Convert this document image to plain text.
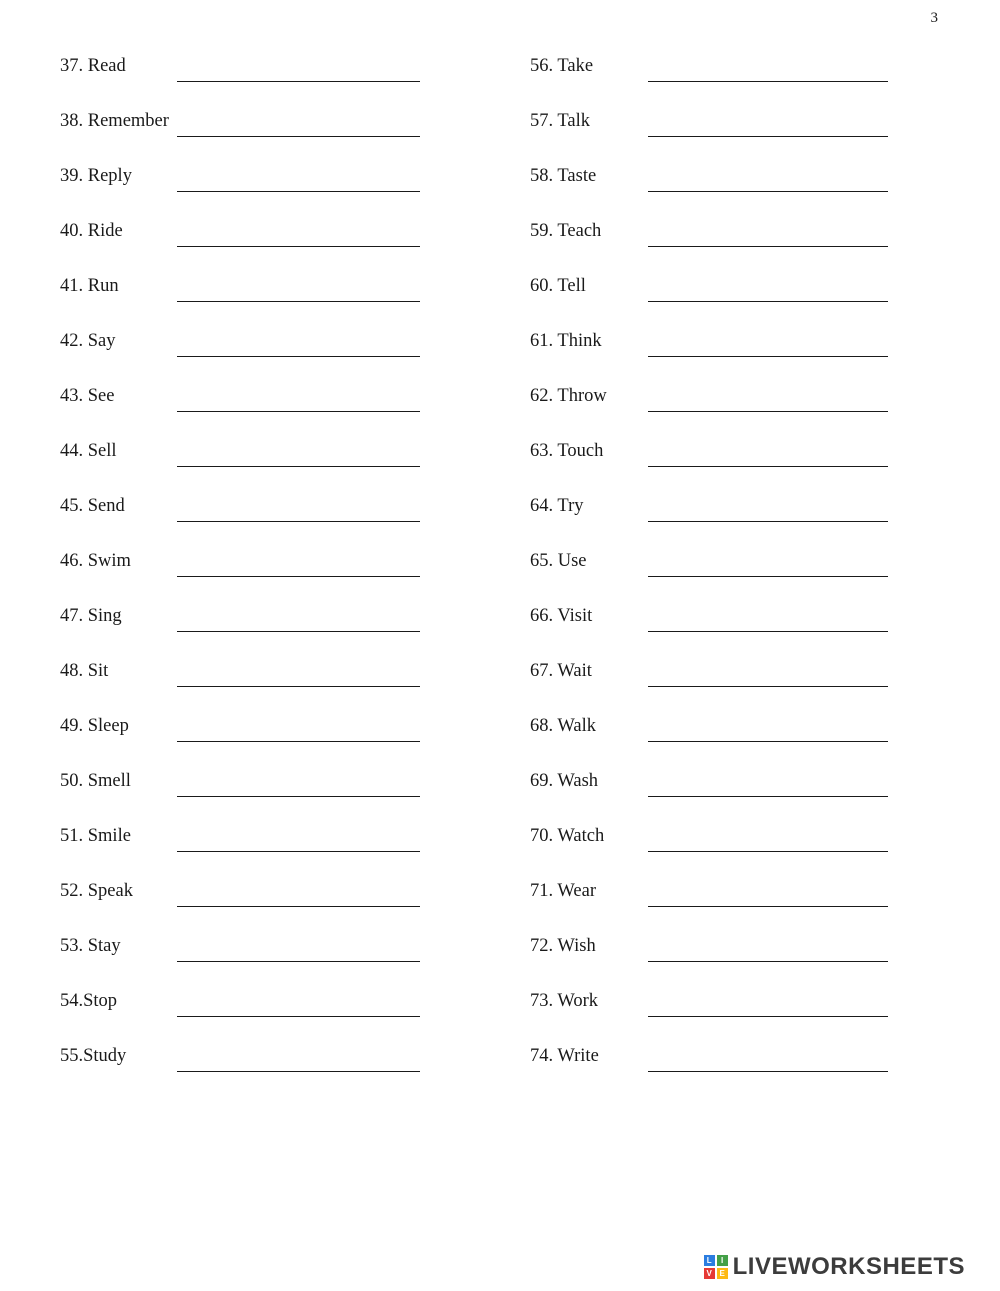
3
37. Read
38. Remember
39. Reply
40. Ride
41. Run
42. Say
43. See
44. Sell
45. Send
46. Swim
47. Sing
48. Sit
49. Sleep
50. Smell
51. Smile
52. Speak
53. Stay
54.Stop
55.Study
56. Take
57. Talk
58. Taste
59. Teach
60. Tell
61. Think
62. Throw
63. Touch
64. Try
65. Use
66. Visit
67. Wait
68. Walk
69. Wash
70. Watch
71. Wear
72. Wish
73. Work
74. Write
L	I
V E LIVEWORKSHEETS
